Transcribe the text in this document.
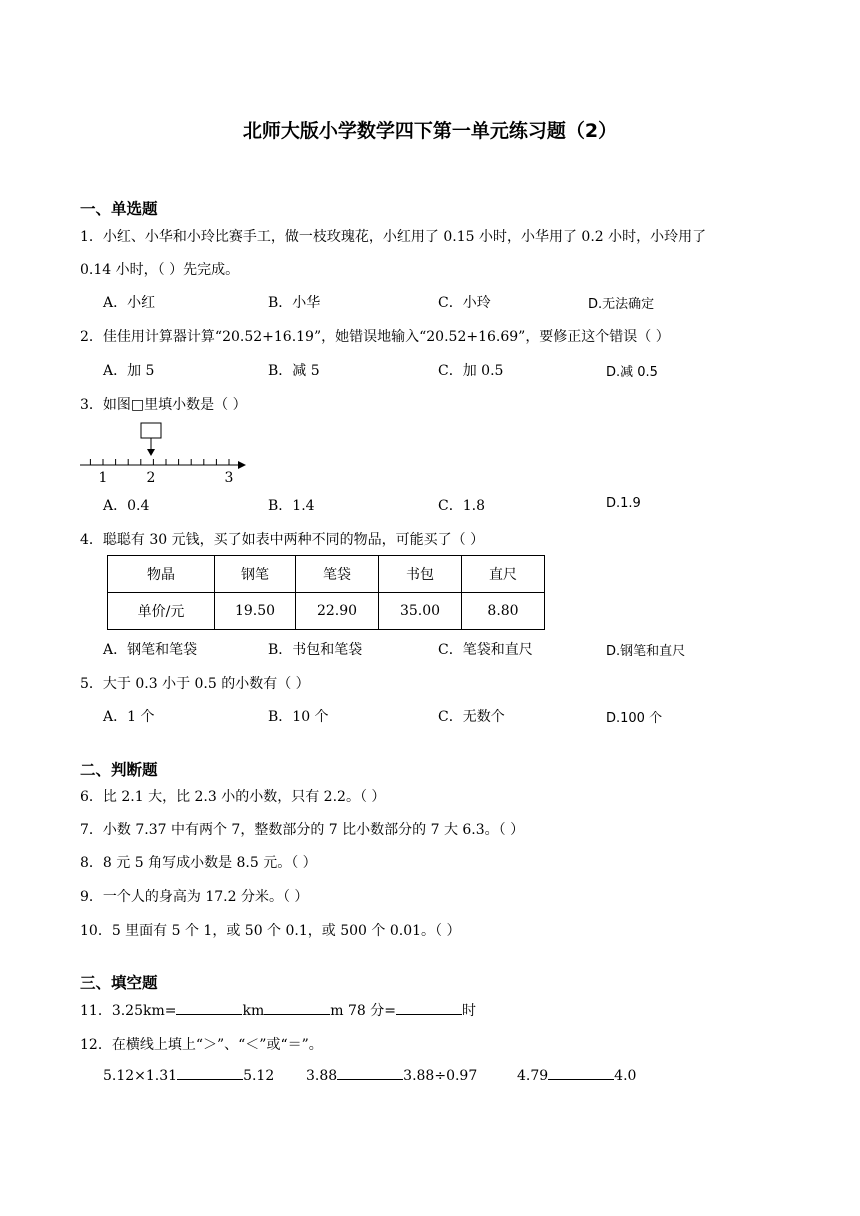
北师大版小学数学四下第一单元练习题（2）
一、单选题
1．小红、小华和小玲比赛手工，做一枝玫瑰花，小红用了 0.15 小时，小华用了 0.2 小时，小玲用了
0.14 小时，（ ）先完成。
A．小红	B．小华	C．小玲	D.无法确定
2．佳佳用计算器计算“20.52+16.19”，她错误地输入“20.52+16.69”，要修正这个错误（ ）
A．加 5	B．减 5	C．加 0.5	D.减 0.5
3．如图□里填小数是（ ）
1	2	3
A．0.4	B．1.4	C．1.8	D.1.9
4．聪聪有 30 元钱，买了如表中两种不同的物品，可能买了（ ）
物晶	钢笔	笔袋	书包	直尺
单价/元	19.50	22.90	35.00	8.80
A．钢笔和笔袋	B．书包和笔袋	C．笔袋和直尺	D.钢笔和直尺
5．大于 0.3 小于 0.5 的小数有（ ）
A．1 个	B．10 个	C．无数个	D.100 个
二、判断题
6．比 2.1 大，比 2.3 小的小数，只有 2.2。（ ）
7．小数 7.37 中有两个 7，整数部分的 7 比小数部分的 7 大 6.3。（ ）
8．8 元 5 角写成小数是 8.5 元。（ ）
9．一个人的身高为 17.2 分米。（ ）
10．5 里面有 5 个 1，或 50 个 0.1，或 500 个 0.01。（ ）
三、填空题
11．3.25km=	km	m 78 分=	时
12．在横线上填上“＞”、“＜”或“＝”。
5.12×1.31	5.12 3.88	3.88÷0.97	4.79	4.0
